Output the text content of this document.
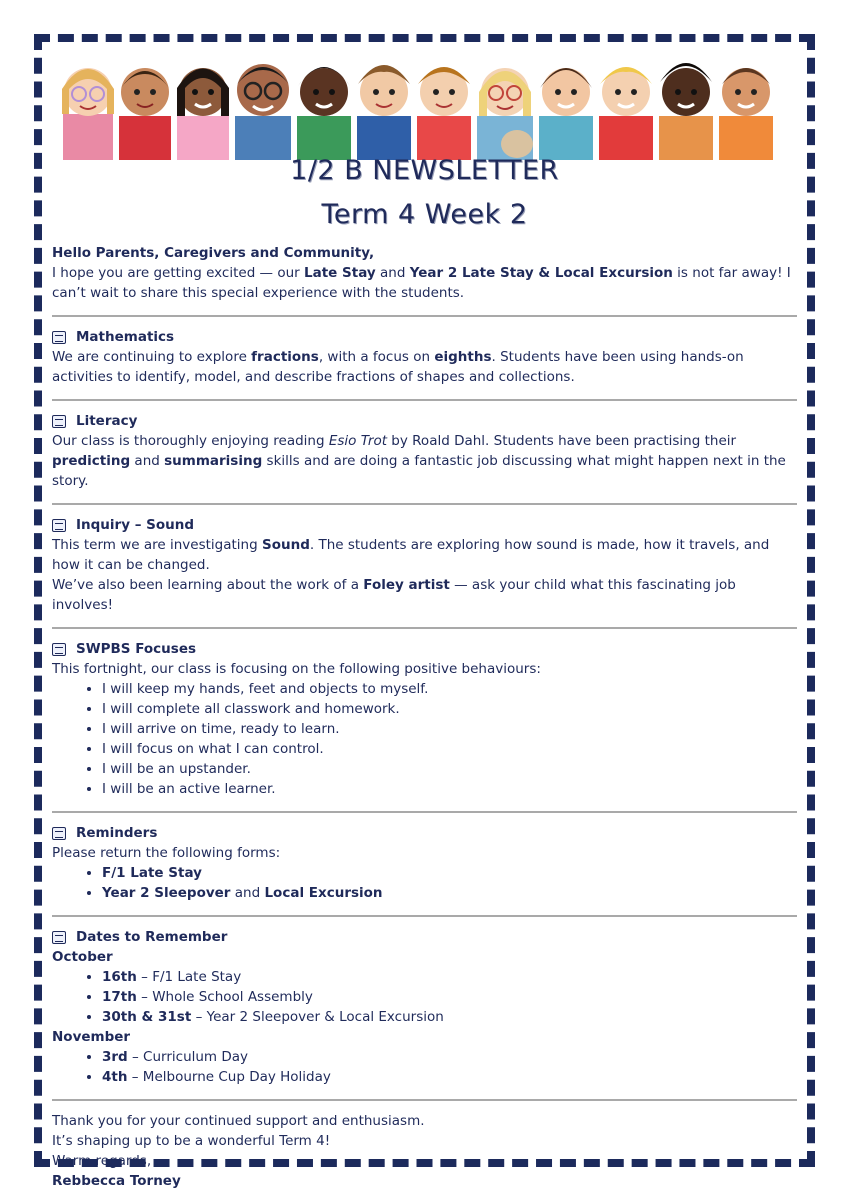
1/2 B NEWSLETTER
Term 4 Week 2

Hello Parents, Caregivers and Community,

I hope you are getting excited — our Late Stay and Year 2 Late Stay & Local Excursion is not far away! I can’t wait to share this special experience with the students.

Mathematics

We are continuing to explore fractions, with a focus on eighths. Students have been using hands-on activities to identify, model, and describe fractions of shapes and collections.

Literacy

Our class is thoroughly enjoying reading Esio Trot by Roald Dahl. Students have been practising their predicting and summarising skills and are doing a fantastic job discussing what might happen next in the story.

Inquiry – Sound

This term we are investigating Sound. The students are exploring how sound is made, how it travels, and how it can be changed.

We’ve also been learning about the work of a Foley artist — ask your child what this fascinating job involves!

SWPBS Focuses

This fortnight, our class is focusing on the following positive behaviours:

• I will keep my hands, feet and objects to myself.
• I will complete all classwork and homework.
• I will arrive on time, ready to learn.
• I will focus on what I can control.
• I will be an upstander.
• I will be an active learner.

Reminders

Please return the following forms:

• F/1 Late Stay
• Year 2 Sleepover and Local Excursion

Dates to Remember

October

• 16th – F/1 Late Stay
• 17th – Whole School Assembly
• 30th & 31st – Year 2 Sleepover & Local Excursion

November

• 3rd – Curriculum Day
• 4th – Melbourne Cup Day Holiday

Thank you for your continued support and enthusiasm.

It’s shaping up to be a wonderful Term 4!

Warm regards,

Rebbecca Torney
